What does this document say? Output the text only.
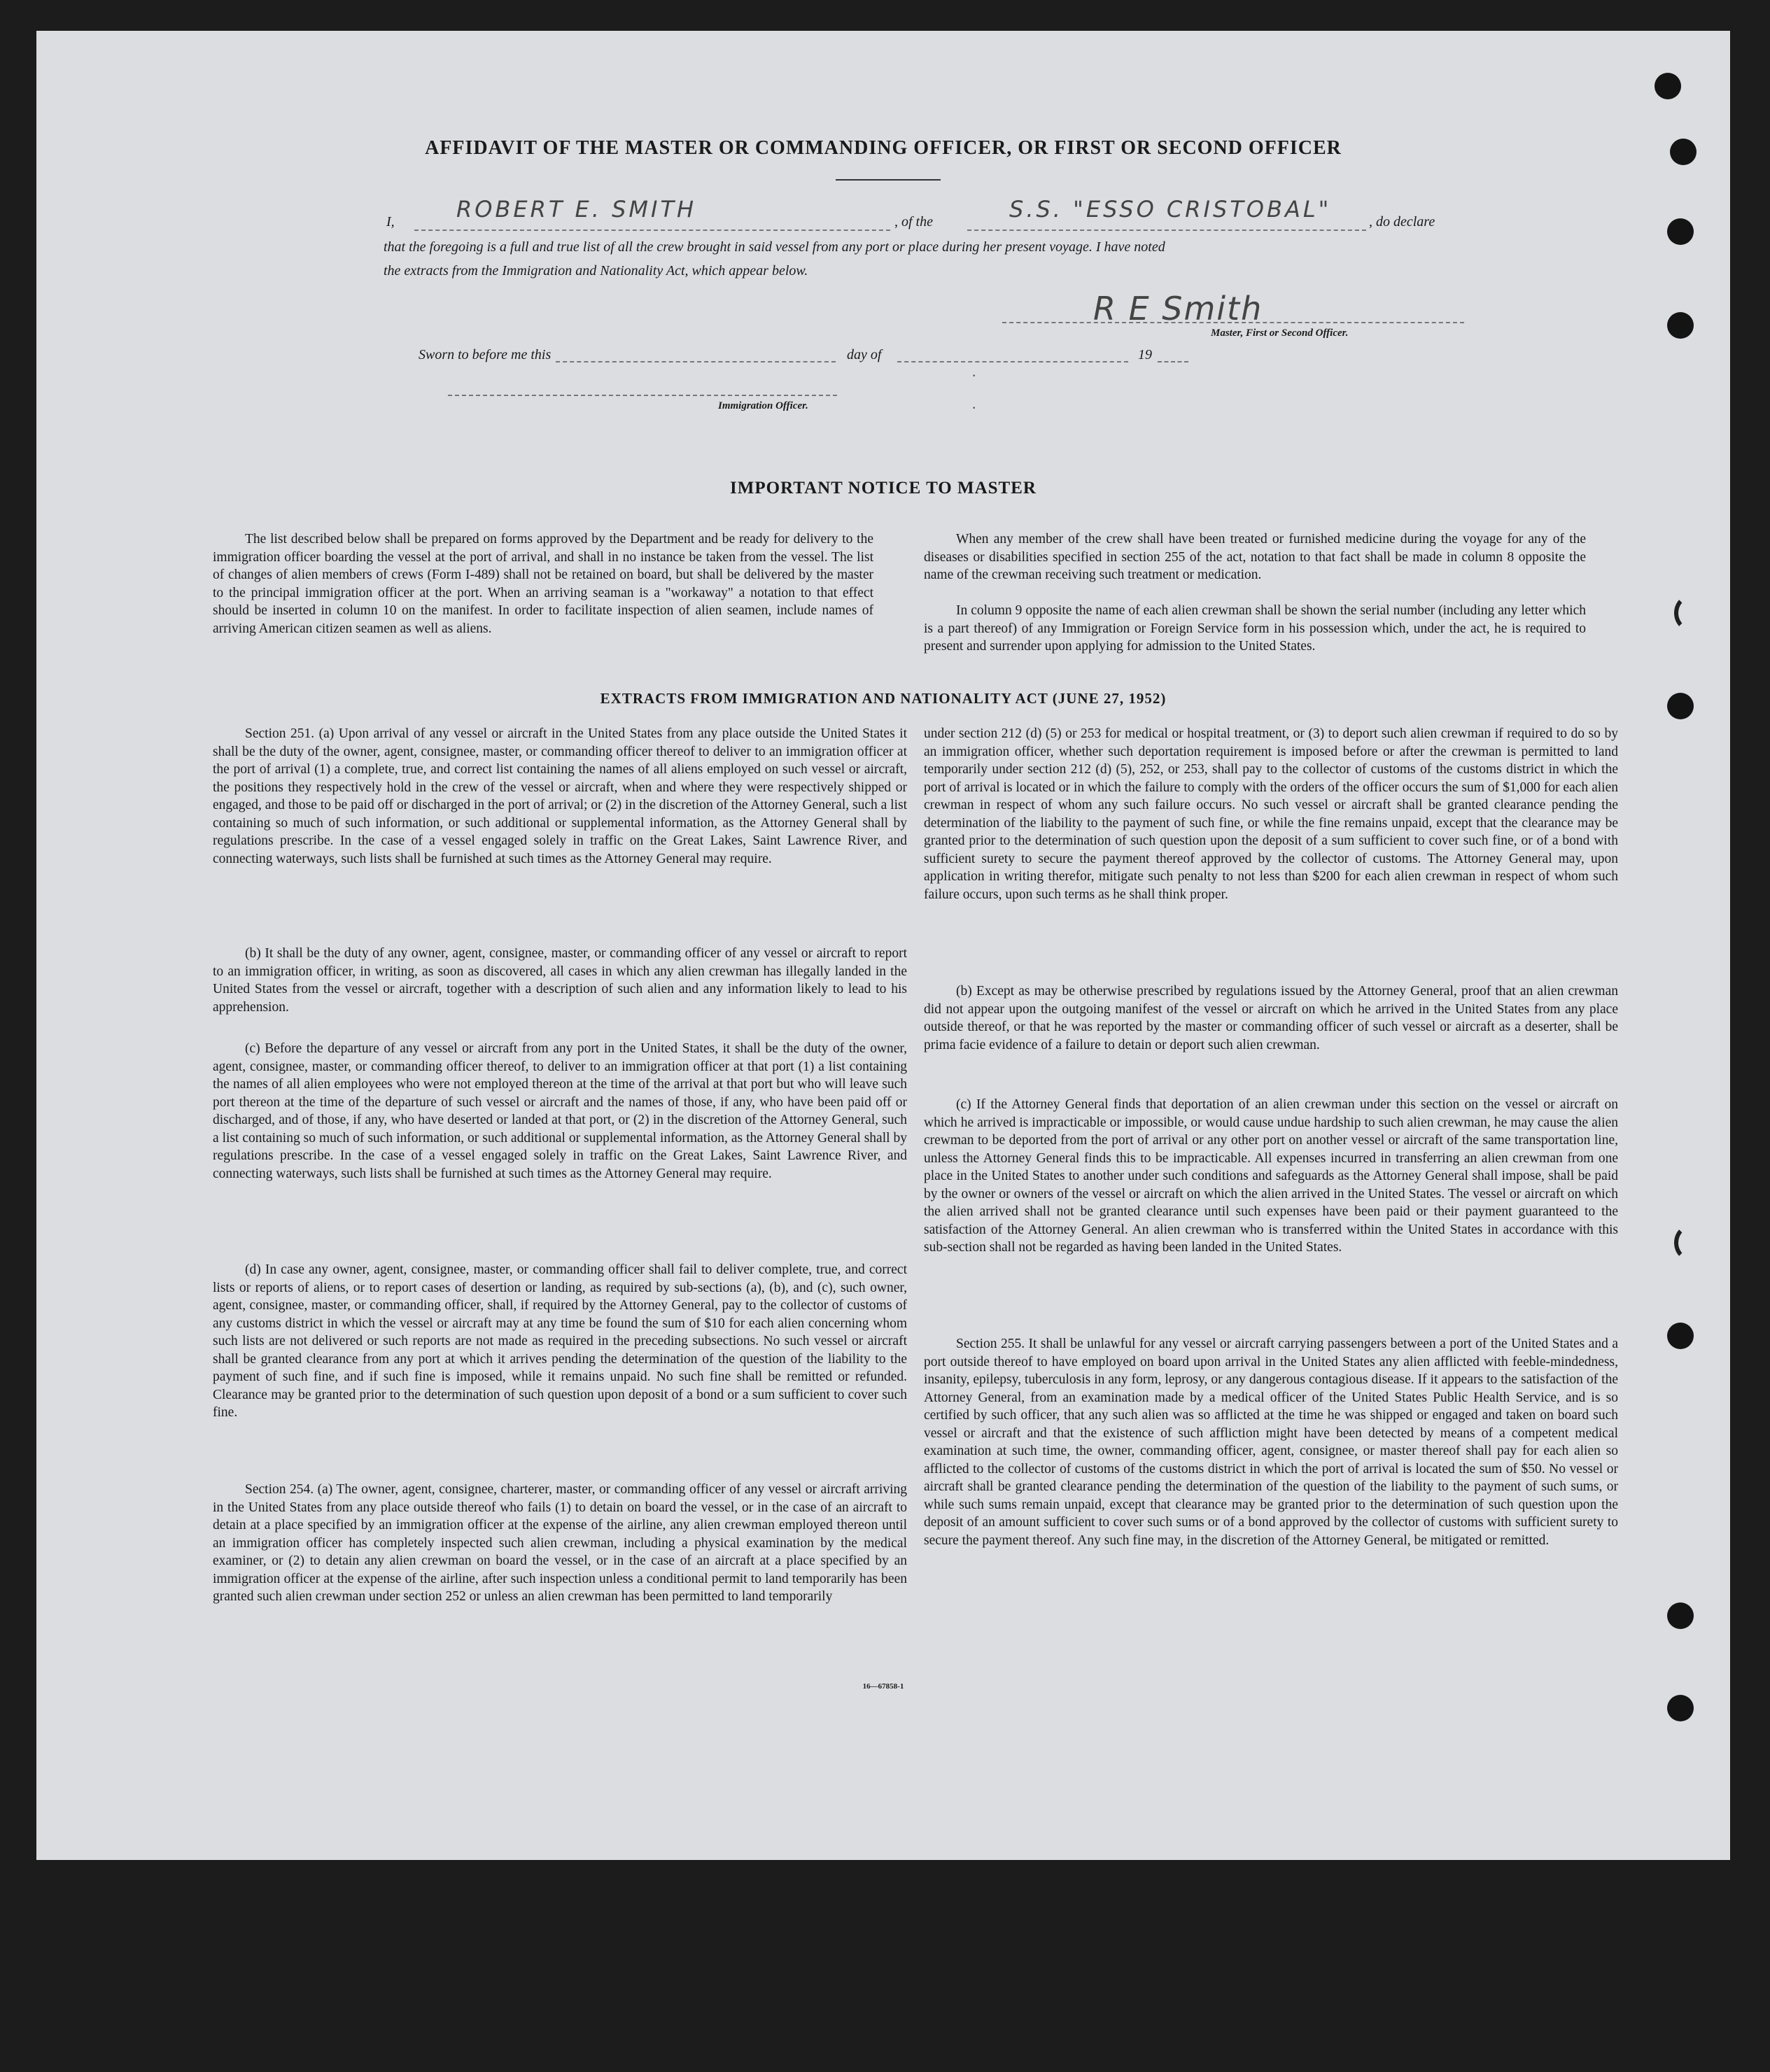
AFFIDAVIT OF THE MASTER OR COMMANDING OFFICER, OR FIRST OR SECOND OFFICER
I,	ROBERT E. SMITH	, of the	S.S. "ESSO CRISTOBAL"	, do declare
that the foregoing is a full and true list of all the crew brought in said vessel from any port or place during her present voyage. I have noted
the extracts from the Immigration and Nationality Act, which appear below.
R E Smith
Master, First or Second Officer.
Sworn to before me this	day of	19
Immigration Officer.
·
·
IMPORTANT NOTICE TO MASTER

The list described below shall be prepared on forms approved by the Department and be ready for delivery to the immigration officer boarding the vessel at the port of arrival, and shall in no instance be taken from the vessel. The list of changes of alien members of crews (Form I-489) shall not be retained on board, but shall be delivered by the master to the principal immigration officer at the port. When an arriving seaman is a "workaway" a notation to that effect should be inserted in column 10 on the manifest. In order to facilitate inspection of alien seamen, include names of arriving American citizen seamen as well as aliens.

When any member of the crew shall have been treated or furnished medicine during the voyage for any of the diseases or disabilities specified in section 255 of the act, notation to that fact shall be made in column 8 opposite the name of the crewman receiving such treatment or medication.

In column 9 opposite the name of each alien crewman shall be shown the serial number (including any letter which is a part thereof) of any Immigration or Foreign Service form in his possession which, under the act, he is required to present and surrender upon applying for admission to the United States.

EXTRACTS FROM IMMIGRATION AND NATIONALITY ACT (JUNE 27, 1952)

Section 251. (a) Upon arrival of any vessel or aircraft in the United States from any place outside the United States it shall be the duty of the owner, agent, consignee, master, or commanding officer thereof to deliver to an immigration officer at the port of arrival (1) a complete, true, and correct list containing the names of all aliens employed on such vessel or aircraft, the positions they respectively hold in the crew of the vessel or aircraft, when and where they were respectively shipped or engaged, and those to be paid off or discharged in the port of arrival; or (2) in the discretion of the Attorney General, such a list containing so much of such information, or such additional or supplemental information, as the Attorney General shall by regulations prescribe. In the case of a vessel engaged solely in traffic on the Great Lakes, Saint Lawrence River, and connecting waterways, such lists shall be furnished at such times as the Attorney General may require.

(b) It shall be the duty of any owner, agent, consignee, master, or commanding officer of any vessel or aircraft to report to an immigration officer, in writing, as soon as discovered, all cases in which any alien crewman has illegally landed in the United States from the vessel or aircraft, together with a description of such alien and any information likely to lead to his apprehension.

(c) Before the departure of any vessel or aircraft from any port in the United States, it shall be the duty of the owner, agent, consignee, master, or commanding officer thereof, to deliver to an immigration officer at that port (1) a list containing the names of all alien employees who were not employed thereon at the time of the arrival at that port but who will leave such port thereon at the time of the departure of such vessel or aircraft and the names of those, if any, who have been paid off or discharged, and of those, if any, who have deserted or landed at that port, or (2) in the discretion of the Attorney General, such a list containing so much of such information, or such additional or supplemental information, as the Attorney General shall by regulations prescribe. In the case of a vessel engaged solely in traffic on the Great Lakes, Saint Lawrence River, and connecting waterways, such lists shall be furnished at such times as the Attorney General may require.

(d) In case any owner, agent, consignee, master, or commanding officer shall fail to deliver complete, true, and correct lists or reports of aliens, or to report cases of desertion or landing, as required by sub-sections (a), (b), and (c), such owner, agent, consignee, master, or commanding officer, shall, if required by the Attorney General, pay to the collector of customs of any customs district in which the vessel or aircraft may at any time be found the sum of $10 for each alien concerning whom such lists are not delivered or such reports are not made as required in the preceding subsections. No such vessel or aircraft shall be granted clearance from any port at which it arrives pending the determination of the question of the liability to the payment of such fine, and if such fine is imposed, while it remains unpaid. No such fine shall be remitted or refunded. Clearance may be granted prior to the determination of such question upon deposit of a bond or a sum sufficient to cover such fine.

Section 254. (a) The owner, agent, consignee, charterer, master, or commanding officer of any vessel or aircraft arriving in the United States from any place outside thereof who fails (1) to detain on board the vessel, or in the case of an aircraft to detain at a place specified by an immigration officer at the expense of the airline, any alien crewman employed thereon until an immigration officer has completely inspected such alien crewman, including a physical examination by the medical examiner, or (2) to detain any alien crewman on board the vessel, or in the case of an aircraft at a place specified by an immigration officer at the expense of the airline, after such inspection unless a conditional permit to land temporarily has been granted such alien crewman under section 252 or unless an alien crewman has been permitted to land temporarily

under section 212 (d) (5) or 253 for medical or hospital treatment, or (3) to deport such alien crewman if required to do so by an immigration officer, whether such deportation requirement is imposed before or after the crewman is permitted to land temporarily under section 212 (d) (5), 252, or 253, shall pay to the collector of customs of the customs district in which the port of arrival is located or in which the failure to comply with the orders of the officer occurs the sum of $1,000 for each alien crewman in respect of whom any such failure occurs. No such vessel or aircraft shall be granted clearance pending the determination of the liability to the payment of such fine, or while the fine remains unpaid, except that the clearance may be granted prior to the determination of such question upon the deposit of a sum sufficient to cover such fine, or of a bond with sufficient surety to secure the payment thereof approved by the collector of customs. The Attorney General may, upon application in writing therefor, mitigate such penalty to not less than $200 for each alien crewman in respect of whom such failure occurs, upon such terms as he shall think proper.

(b) Except as may be otherwise prescribed by regulations issued by the Attorney General, proof that an alien crewman did not appear upon the outgoing manifest of the vessel or aircraft on which he arrived in the United States from any place outside thereof, or that he was reported by the master or commanding officer of such vessel or aircraft as a deserter, shall be prima facie evidence of a failure to detain or deport such alien crewman.

(c) If the Attorney General finds that deportation of an alien crewman under this section on the vessel or aircraft on which he arrived is impracticable or impossible, or would cause undue hardship to such alien crewman, he may cause the alien crewman to be deported from the port of arrival or any other port on another vessel or aircraft of the same transportation line, unless the Attorney General finds this to be impracticable. All expenses incurred in transferring an alien crewman from one place in the United States to another under such conditions and safeguards as the Attorney General shall impose, shall be paid by the owner or owners of the vessel or aircraft on which the alien arrived in the United States. The vessel or aircraft on which the alien arrived shall not be granted clearance until such expenses have been paid or their payment guaranteed to the satisfaction of the Attorney General. An alien crewman who is transferred within the United States in accordance with this sub-section shall not be regarded as having been landed in the United States.

Section 255. It shall be unlawful for any vessel or aircraft carrying passengers between a port of the United States and a port outside thereof to have employed on board upon arrival in the United States any alien afflicted with feeble-mindedness, insanity, epilepsy, tuberculosis in any form, leprosy, or any dangerous contagious disease. If it appears to the satisfaction of the Attorney General, from an examination made by a medical officer of the United States Public Health Service, and is so certified by such officer, that any such alien was so afflicted at the time he was shipped or engaged and taken on board such vessel or aircraft and that the existence of such affliction might have been detected by means of a competent medical examination at such time, the owner, commanding officer, agent, consignee, or master thereof shall pay for each alien so afflicted to the collector of customs of the customs district in which the port of arrival is located the sum of $50. No vessel or aircraft shall be granted clearance pending the determination of the question of the liability to the payment of such sums, or while such sums remain unpaid, except that clearance may be granted prior to the determination of such question upon the deposit of an amount sufficient to cover such sums or of a bond approved by the collector of customs with sufficient surety to secure the payment thereof. Any such fine may, in the discretion of the Attorney General, be mitigated or remitted.

16—67858-1
